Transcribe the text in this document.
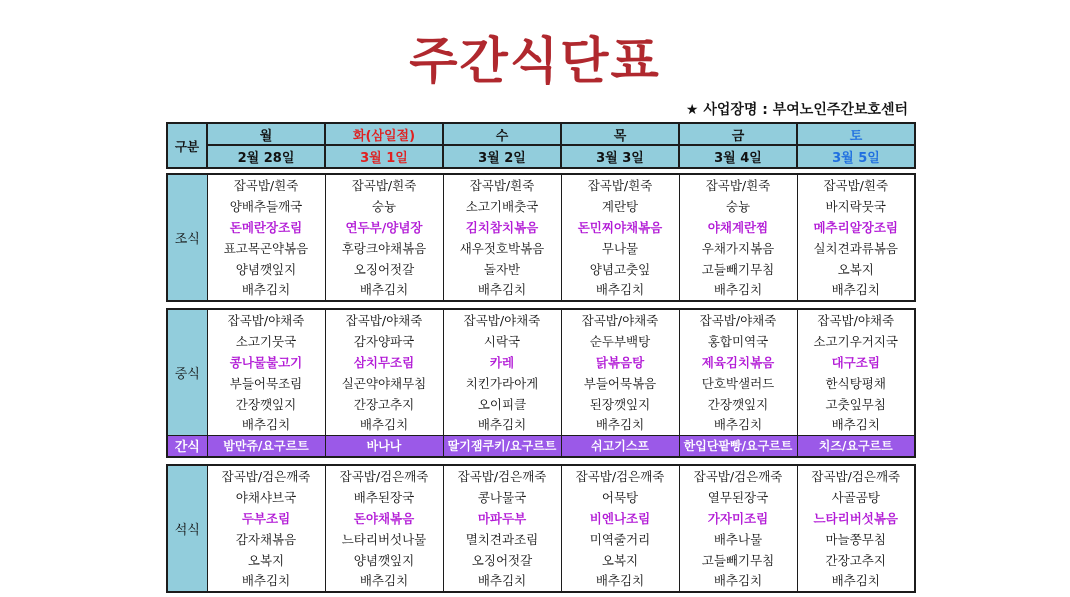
주간식단표
★ 사업장명 : 부여노인주간보호센터
구분	월	화(삼일절)	수	목	금	토
	2월 28일	3월 1일	3월 2일	3월 3일	3월 4일	3월 5일
조식	잡곡밥/흰죽	잡곡밥/흰죽	잡곡밥/흰죽	잡곡밥/흰죽	잡곡밥/흰죽	잡곡밥/흰죽
	양배추들깨국	숭늉	소고기배춧국	계란탕	숭늉	바지락뭇국
	돈메란장조림	연두부/양념장	김치참치볶음	돈민찌야채볶음	야채계란찜	메추리알장조림
	표고목곤약볶음	후랑크야채볶음	새우젓호박볶음	무나물	우채가지볶음	실치견과류볶음
	양념깻잎지	오징어젓갈	돌자반	양념고춧잎	고들빼기무침	오복지
	배추김치	배추김치	배추김치	배추김치	배추김치	배추김치
중식	잡곡밥/야채죽	잡곡밥/야채죽	잡곡밥/야채죽	잡곡밥/야채죽	잡곡밥/야채죽	잡곡밥/야채죽
	소고기뭇국	감자양파국	시락국	순두부백탕	홍합미역국	소고기우거지국
	콩나물불고기	삼치무조림	카레	닭볶음탕	제육김치볶음	대구조림
	부들어묵조림	실곤약야채무침	치킨가라아게	부들어묵볶음	단호박샐러드	한식탕평채
	간장깻잎지	간장고추지	오이피클	된장깻잎지	간장깻잎지	고춧잎무침
	배추김치	배추김치	배추김치	배추김치	배추김치	배추김치
간식	밤만쥬/요구르트	바나나	딸기잼쿠키/요구르트	쉬고기스프	한입단팥빵/요구르트	치즈/요구르트
석식	잡곡밥/검은깨죽	잡곡밥/검은깨죽	잡곡밥/검은깨죽	잡곡밥/검은깨죽	잡곡밥/검은깨죽	잡곡밥/검은깨죽
	야채샤브국	배추된장국	콩나물국	어묵탕	열무된장국	사골곰탕
	두부조림	돈야채볶음	마파두부	비엔나조림	가자미조림	느타리버섯볶음
	감자채볶음	느타리버섯나물	멸치견과조림	미역줄거리	배추나물	마늘쫑무침
	오복지	양념깻잎지	오징어젓갈	오복지	고들빼기무침	간장고추지
	배추김치	배추김치	배추김치	배추김치	배추김치	배추김치
